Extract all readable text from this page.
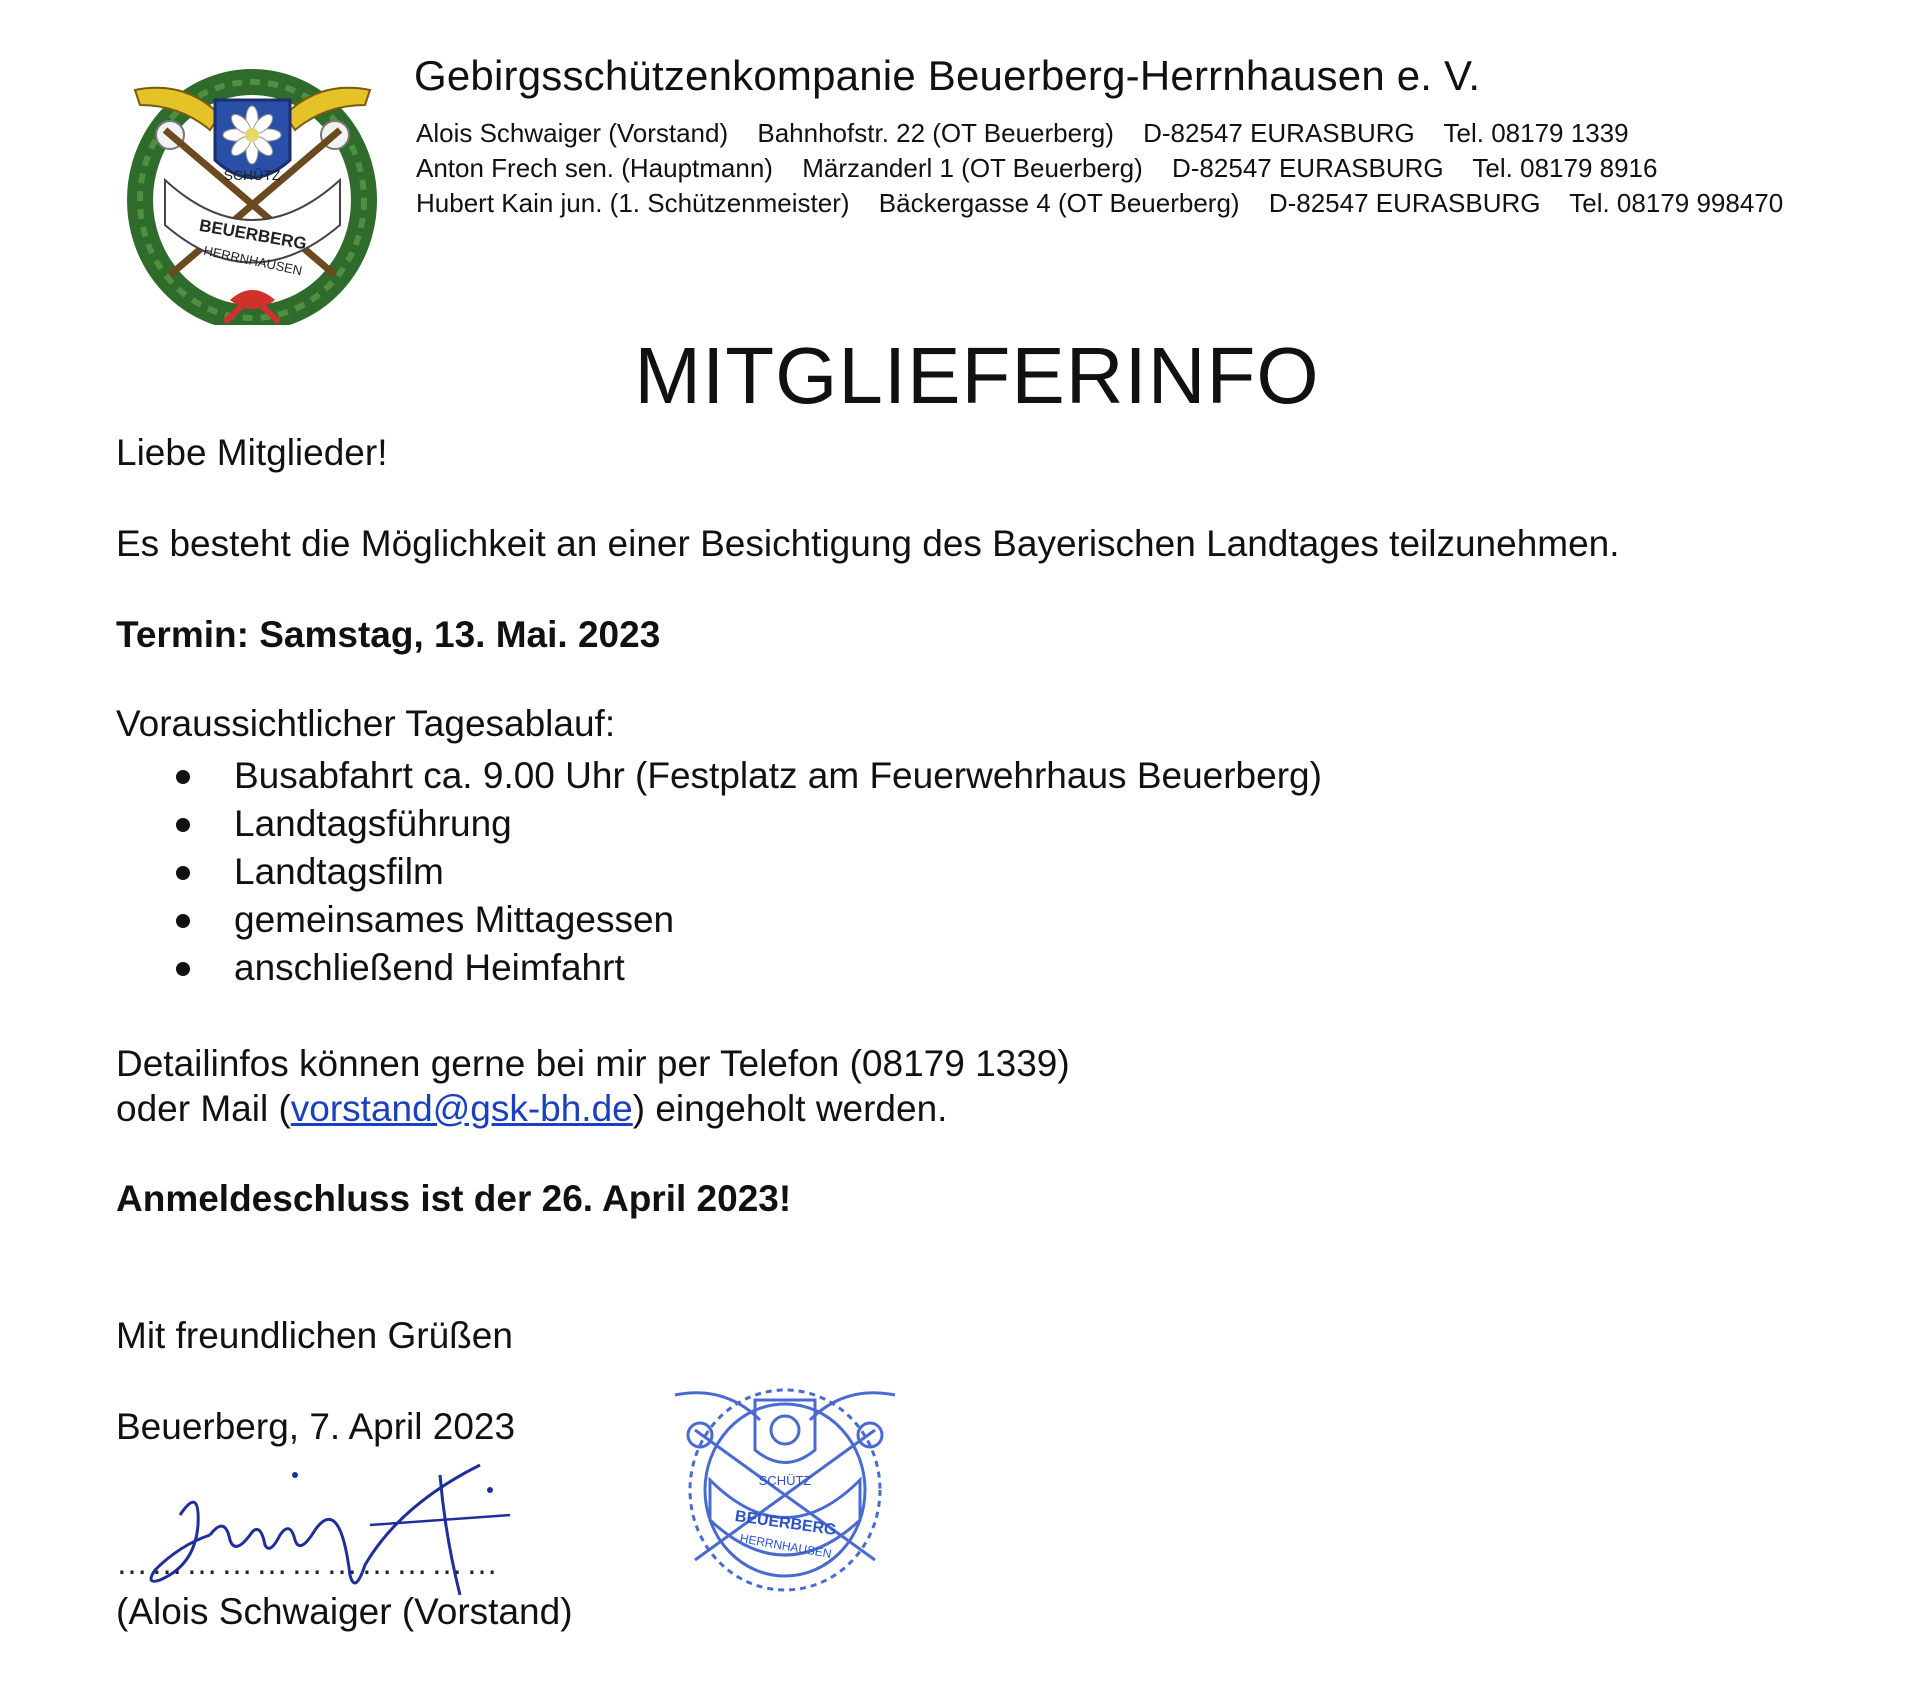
SCHÜTZ
BEUERBERG
HERRNHAUSEN
Gebirgsschützenkompanie Beuerberg-Herrnhausen e. V.
Alois Schwaiger (Vorstand) Bahnhofstr. 22 (OT Beuerberg) D-82547 EURASBURG Tel. 08179 1339
Anton Frech sen. (Hauptmann) Märzanderl 1 (OT Beuerberg) D-82547 EURASBURG Tel. 08179 8916
Hubert Kain jun. (1. Schützenmeister) Bäckergasse 4 (OT Beuerberg) D-82547 EURASBURG Tel. 08179 998470
MITGLIEFERINFO
Liebe Mitglieder!
Es besteht die Möglichkeit an einer Besichtigung des Bayerischen Landtages teilzunehmen.
Termin: Samstag, 13. Mai. 2023
Voraussichtlicher Tagesablauf:
Busabfahrt ca. 9.00 Uhr (Festplatz am Feuerwehrhaus Beuerberg)
Landtagsführung
Landtagsfilm
gemeinsames Mittagessen
anschließend Heimfahrt
Detailinfos können gerne bei mir per Telefon (08179 1339)
oder Mail (vorstand@gsk-bh.de) eingeholt werden.
Anmeldeschluss ist der 26. April 2023!
Mit freundlichen Grüßen
Beuerberg, 7. April 2023
……………………………
(Alois Schwaiger (Vorstand)
SCHÜTZ
BEUERBERG
HERRNHAUSEN
